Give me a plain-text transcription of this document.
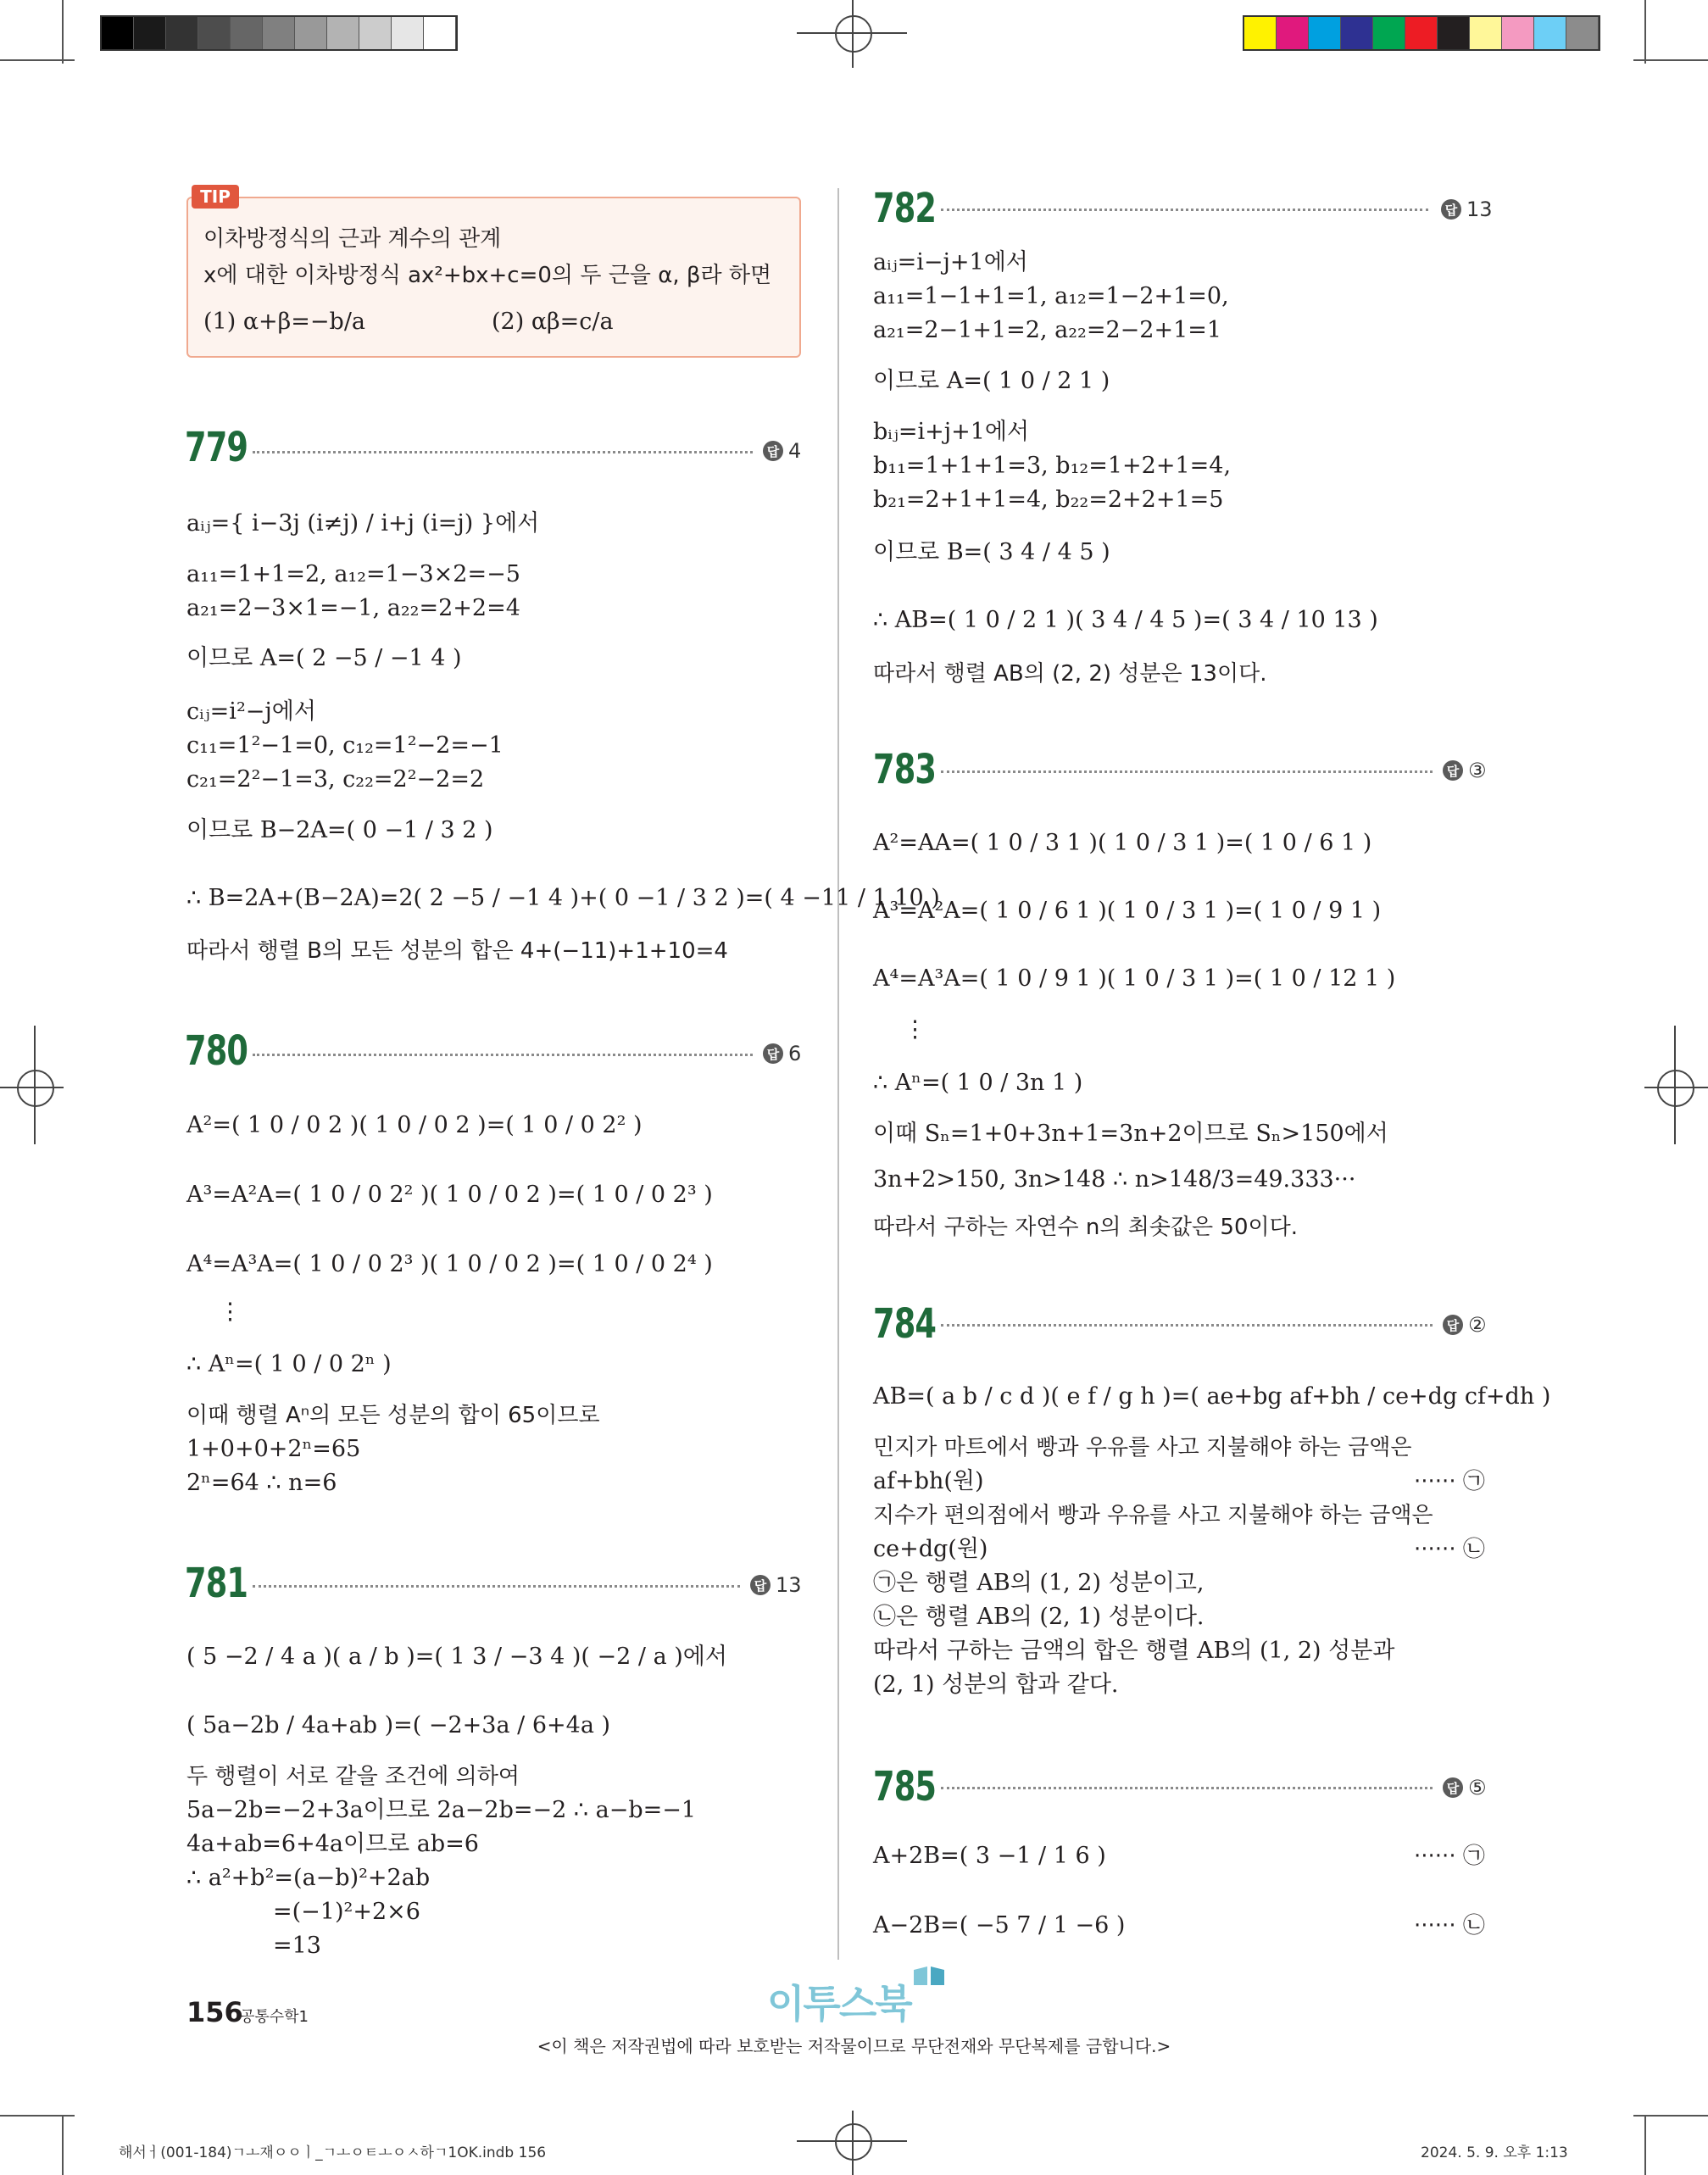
TIP
이차방정식의 근과 계수의 관계
x에 대한 이차방정식 ax²+bx+c=0의 두 근을 α, β라 하면
(1) α+β=−b/a	(2) αβ=c/a
779	답 4
780	답 6
781	답 13
782	답 13
783	답 ③
784	답 ②
785	답 ⑤
aᵢⱼ={ i−3j (i≠j) / i+j (i=j) }에서
a₁₁=1+1=2, a₁₂=1−3×2=−5
a₂₁=2−3×1=−1, a₂₂=2+2=4
이므로 A=( 2 −5 / −1 4 )
cᵢⱼ=i²−j에서
c₁₁=1²−1=0, c₁₂=1²−2=−1
c₂₁=2²−1=3, c₂₂=2²−2=2
이므로 B−2A=( 0 −1 / 3 2 )
∴ B=2A+(B−2A)=2( 2 −5 / −1 4 )+( 0 −1 / 3 2 )=( 4 −11 / 1 10 )
따라서 행렬 B의 모든 성분의 합은 4+(−11)+1+10=4
A²=( 1 0 / 0 2 )( 1 0 / 0 2 )=( 1 0 / 0 2² )
A³=A²A=( 1 0 / 0 2² )( 1 0 / 0 2 )=( 1 0 / 0 2³ )
A⁴=A³A=( 1 0 / 0 2³ )( 1 0 / 0 2 )=( 1 0 / 0 2⁴ )
⋮
∴ Aⁿ=( 1 0 / 0 2ⁿ )
이때 행렬 Aⁿ의 모든 성분의 합이 65이므로
1+0+0+2ⁿ=65
2ⁿ=64 ∴ n=6
( 5 −2 / 4 a )( a / b )=( 1 3 / −3 4 )( −2 / a )에서
( 5a−2b / 4a+ab )=( −2+3a / 6+4a )
두 행렬이 서로 같을 조건에 의하여
5a−2b=−2+3a이므로 2a−2b=−2 ∴ a−b=−1
4a+ab=6+4a이므로 ab=6
∴ a²+b²=(a−b)²+2ab
=(−1)²+2×6
=13
aᵢⱼ=i−j+1에서
a₁₁=1−1+1=1, a₁₂=1−2+1=0,
a₂₁=2−1+1=2, a₂₂=2−2+1=1
이므로 A=( 1 0 / 2 1 )
bᵢⱼ=i+j+1에서
b₁₁=1+1+1=3, b₁₂=1+2+1=4,
b₂₁=2+1+1=4, b₂₂=2+2+1=5
이므로 B=( 3 4 / 4 5 )
∴ AB=( 1 0 / 2 1 )( 3 4 / 4 5 )=( 3 4 / 10 13 )
따라서 행렬 AB의 (2, 2) 성분은 13이다.
A²=AA=( 1 0 / 3 1 )( 1 0 / 3 1 )=( 1 0 / 6 1 )
A³=A²A=( 1 0 / 6 1 )( 1 0 / 3 1 )=( 1 0 / 9 1 )
A⁴=A³A=( 1 0 / 9 1 )( 1 0 / 3 1 )=( 1 0 / 12 1 )
⋮
∴ Aⁿ=( 1 0 / 3n 1 )
이때 Sₙ=1+0+3n+1=3n+2이므로 Sₙ>150에서
3n+2>150, 3n>148 ∴ n>148/3=49.333···
따라서 구하는 자연수 n의 최솟값은 50이다.
AB=( a b / c d )( e f / g h )=( ae+bg af+bh / ce+dg cf+dh )
민지가 마트에서 빵과 우유를 사고 지불해야 하는 금액은
af+bh(원)	······ ㉠
지수가 편의점에서 빵과 우유를 사고 지불해야 하는 금액은
ce+dg(원)	······ ㉡
㉠은 행렬 AB의 (1, 2) 성분이고,
㉡은 행렬 AB의 (2, 1) 성분이다.
따라서 구하는 금액의 합은 행렬 AB의 (1, 2) 성분과
(2, 1) 성분의 합과 같다.
A+2B=( 3 −1 / 1 6 )	······ ㉠
A−2B=( −5 7 / 1 −6 )	······ ㉡
156
공통수학1	이투스북
<이 책은 저작권법에 따라 보호받는 저작물이므로 무단전재와 무단복제를 금합니다.>
해서ㅓ(001-184)ㄱㅗ재ㅇㅇㅣ_ㄱㅗㅇㅌㅗㅇㅅ하ㄱ1OK.indb 156	2024. 5. 9. 오후 1:13
